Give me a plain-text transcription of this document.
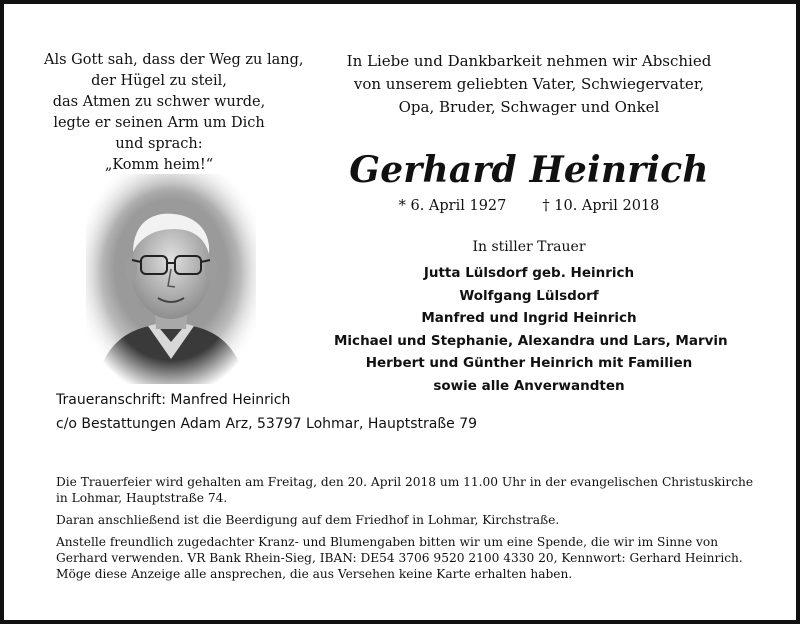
Als Gott sah, dass der Weg zu lang,
der Hügel zu steil,
das Atmen zu schwer wurde,
legte er seinen Arm um Dich
und sprach:
„Komm heim!“
In Liebe und Dankbarkeit nehmen wir Abschied
von unserem geliebten Vater, Schwiegervater,
Opa, Bruder, Schwager und Onkel
Gerhard Heinrich
* 6. April 1927 † 10. April 2018
In stiller Trauer
Jutta Lülsdorf geb. Heinrich
Wolfgang Lülsdorf
Manfred und Ingrid Heinrich
Michael und Stephanie, Alexandra und Lars, Marvin
Herbert und Günther Heinrich mit Familien
sowie alle Anverwandten
Traueranschrift: Manfred Heinrich
c/o Bestattungen Adam Arz, 53797 Lohmar, Hauptstraße 79

Die Trauerfeier wird gehalten am Freitag, den 20. April 2018 um 11.00 Uhr in der evangelischen Christuskirche in Lohmar, Hauptstraße 74.

Daran anschließend ist die Beerdigung auf dem Friedhof in Lohmar, Kirchstraße.

Anstelle freundlich zugedachter Kranz- und Blumengaben bitten wir um eine Spende, die wir im Sinne von Gerhard verwenden. VR Bank Rhein-Sieg, IBAN: DE54 3706 9520 2100 4330 20, Kennwort: Gerhard Heinrich.

Möge diese Anzeige alle ansprechen, die aus Versehen keine Karte erhalten haben.
